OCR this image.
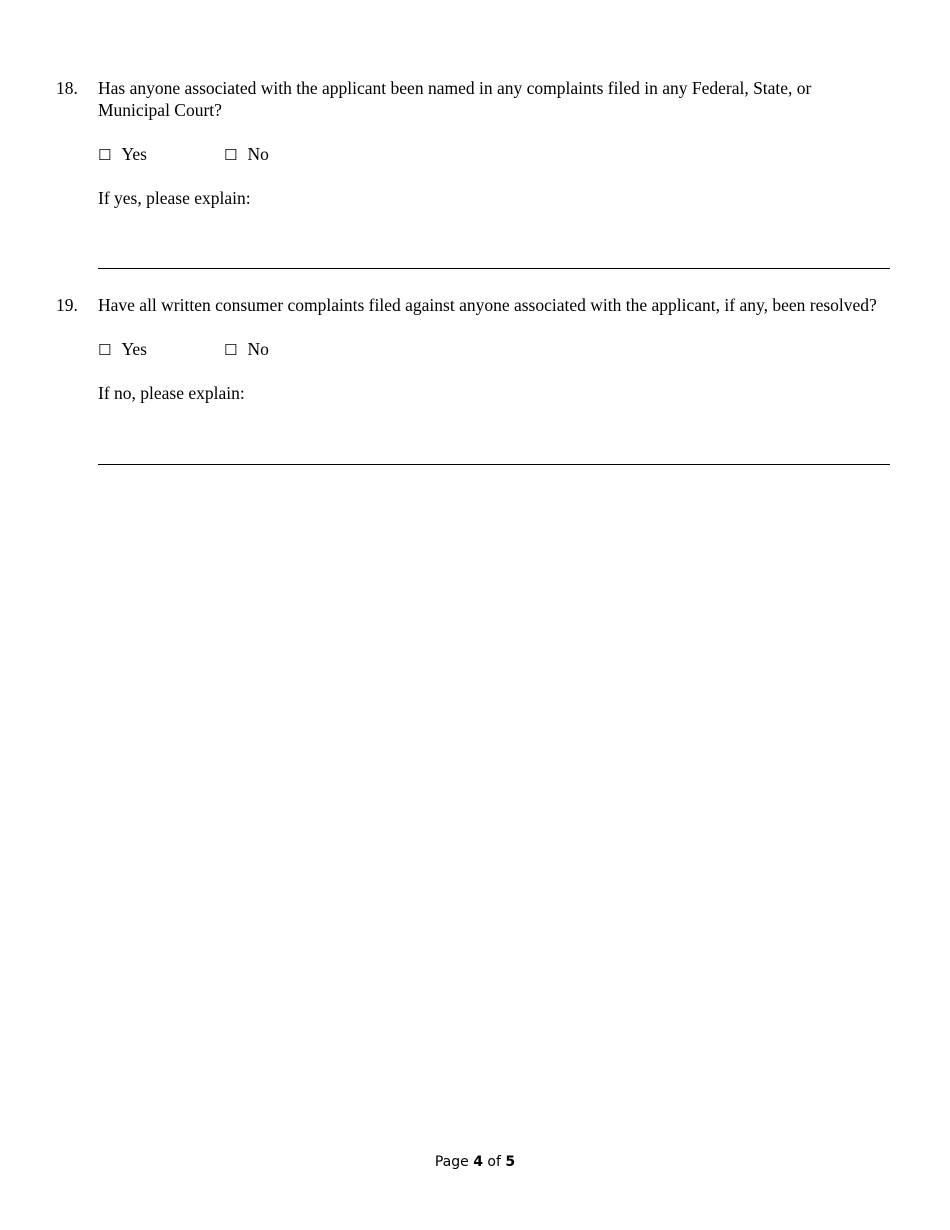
18. Has anyone associated with the applicant been named in any complaints filed in any Federal, State, or Municipal Court?
☐ Yes	☐ No
If yes, please explain:
19. Have all written consumer complaints filed against anyone associated with the applicant, if any, been resolved?
☐ Yes	☐ No
If no, please explain:
Page 4 of 5
